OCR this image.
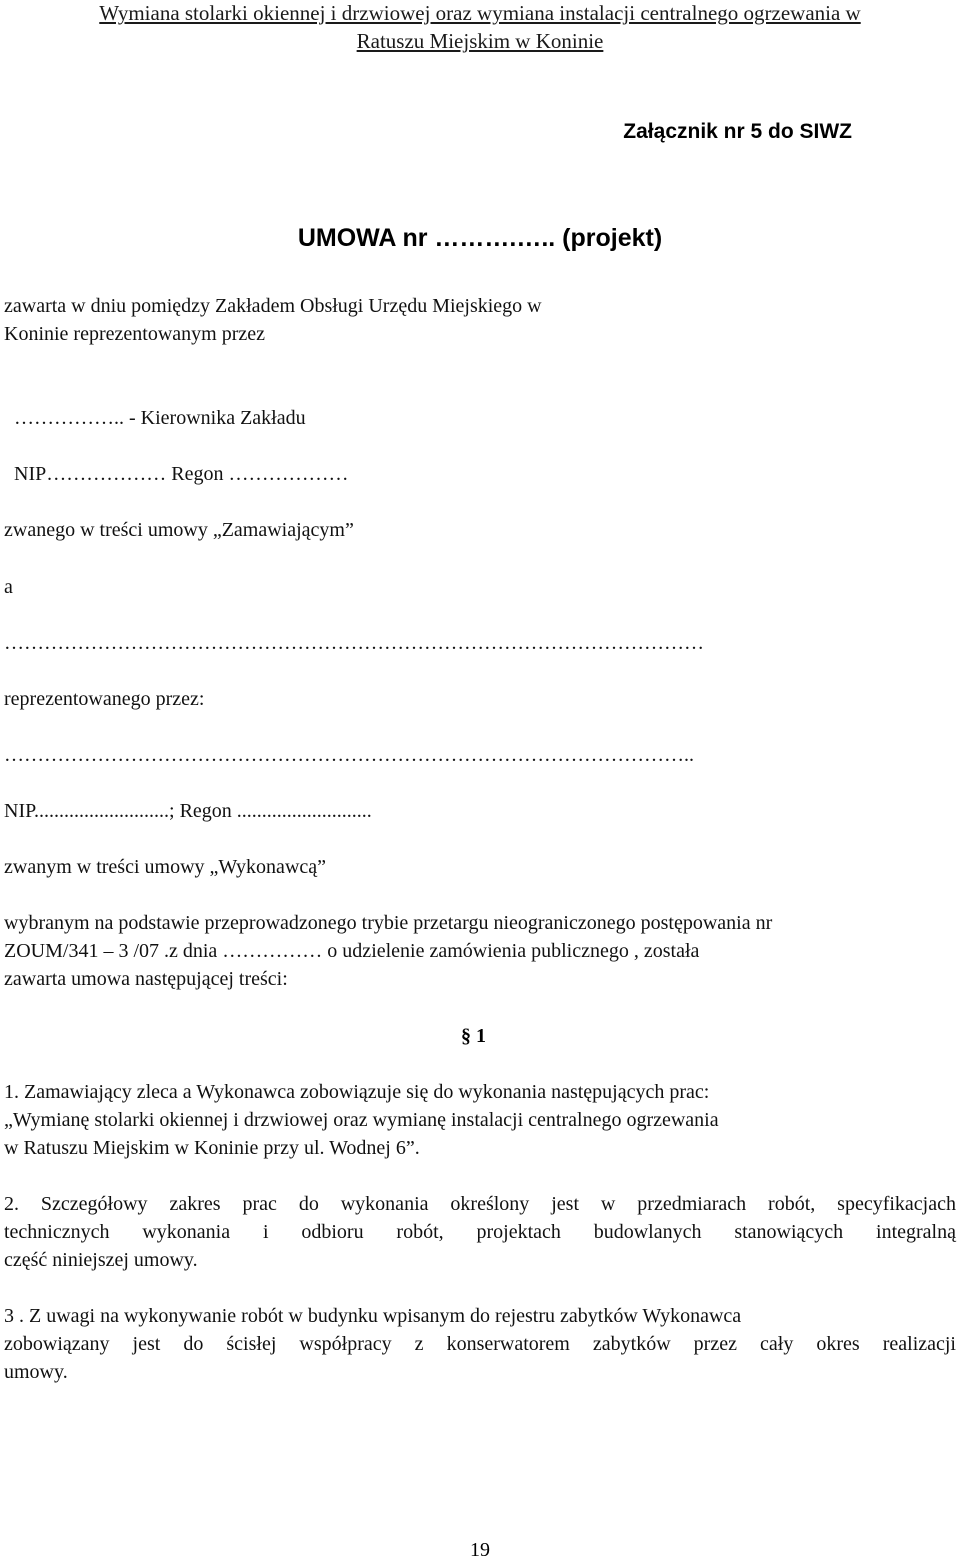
Wymiana stolarki okiennej i drzwiowej oraz wymiana instalacji centralnego ogrzewania w

Ratuszu Miejskim w Koninie

Załącznik nr 5 do SIWZ

UMOWA nr ……….….. (projekt)

zawarta w dniu pomiędzy Zakładem Obsługi Urzędu Miejskiego w

Koninie reprezentowanym przez

…………….. - Kierownika Zakładu

NIP……………… Regon ………………

zwanego w treści umowy „Zamawiającym”

a

……………………………………………………………………………………………

reprezentowanego przez:

…………………………………………………………………………………………..

NIP...........................; Regon ...........................

zwanym w treści umowy „Wykonawcą”

wybranym na podstawie przeprowadzonego trybie przetargu nieograniczonego postępowania nr

ZOUM/341 – 3 /07 .z dnia …………… o udzielenie zamówienia publicznego , została

zawarta umowa następującej treści:

§ 1

1. Zamawiający zleca a Wykonawca zobowiązuje się do wykonania następujących prac:

„Wymianę stolarki okiennej i drzwiowej oraz wymianę instalacji centralnego ogrzewania

w Ratuszu Miejskim w Koninie przy ul. Wodnej 6”.

2. Szczegółowy zakres prac do wykonania określony jest w przedmiarach robót, specyfikacjach

technicznych wykonania i odbioru robót, projektach budowlanych stanowiących integralną

część niniejszej umowy.

3 . Z uwagi na wykonywanie robót w budynku wpisanym do rejestru zabytków Wykonawca

zobowiązany jest do ścisłej współpracy z konserwatorem zabytków przez cały okres realizacji

umowy.

19
